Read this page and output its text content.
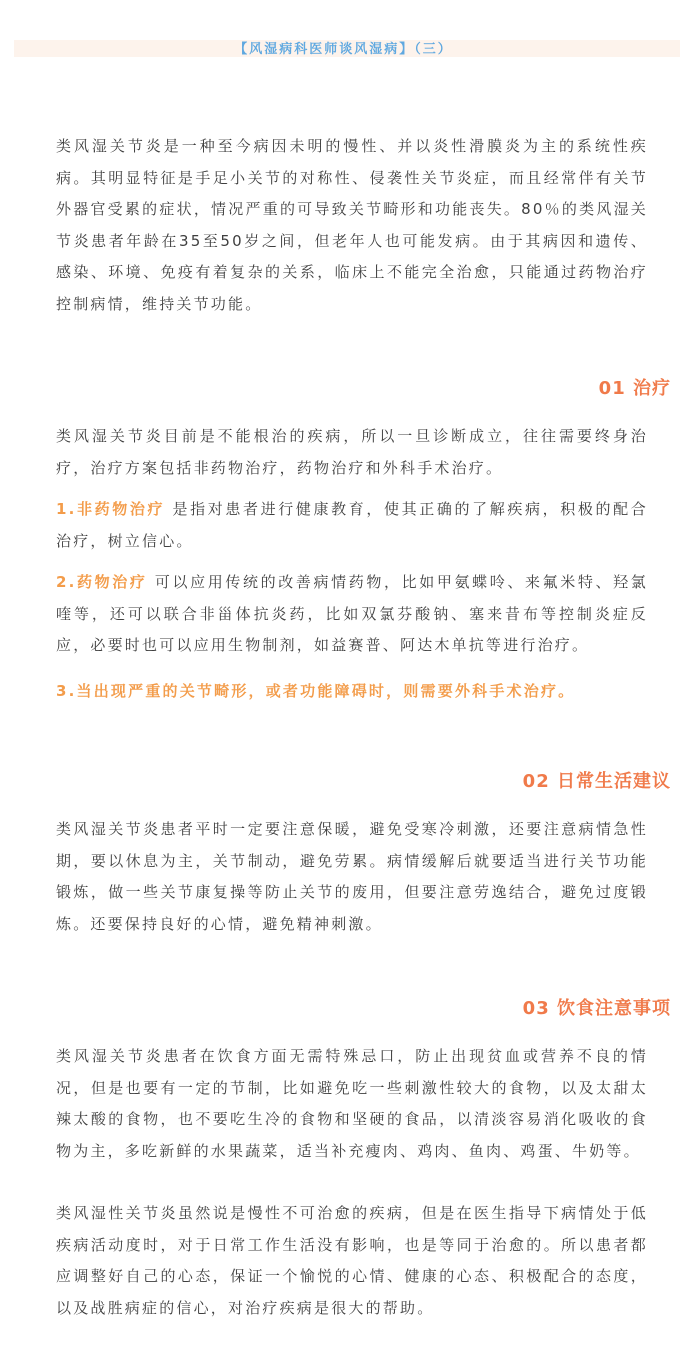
【风湿病科医师谈风湿病】（三）

类风湿关节炎是一种至今病因未明的慢性、并以炎性滑膜炎为主的系统性疾病。其明显特征是手足小关节的对称性、侵袭性关节炎症，而且经常伴有关节外器官受累的症状，情况严重的可导致关节畸形和功能丧失。80％的类风湿关节炎患者年龄在35至50岁之间，但老年人也可能发病。由于其病因和遗传、感染、环境、免疫有着复杂的关系，临床上不能完全治愈，只能通过药物治疗控制病情，维持关节功能。

01 治疗

类风湿关节炎目前是不能根治的疾病，所以一旦诊断成立，往往需要终身治疗，治疗方案包括非药物治疗，药物治疗和外科手术治疗。

1.非药物治疗 是指对患者进行健康教育，使其正确的了解疾病，积极的配合治疗，树立信心。

2.药物治疗 可以应用传统的改善病情药物，比如甲氨蝶呤、来氟米特、羟氯喹等，还可以联合非甾体抗炎药，比如双氯芬酸钠、塞来昔布等控制炎症反应，必要时也可以应用生物制剂，如益赛普、阿达木单抗等进行治疗。

3.当出现严重的关节畸形，或者功能障碍时，则需要外科手术治疗。

02 日常生活建议

类风湿关节炎患者平时一定要注意保暖，避免受寒冷刺激，还要注意病情急性期，要以休息为主，关节制动，避免劳累。病情缓解后就要适当进行关节功能锻炼，做一些关节康复操等防止关节的废用，但要注意劳逸结合，避免过度锻炼。还要保持良好的心情，避免精神刺激。

03 饮食注意事项

类风湿关节炎患者在饮食方面无需特殊忌口，防止出现贫血或营养不良的情况，但是也要有一定的节制，比如避免吃一些刺激性较大的食物，以及太甜太辣太酸的食物，也不要吃生冷的食物和坚硬的食品，以清淡容易消化吸收的食物为主，多吃新鲜的水果蔬菜，适当补充瘦肉、鸡肉、鱼肉、鸡蛋、牛奶等。

类风湿性关节炎虽然说是慢性不可治愈的疾病，但是在医生指导下病情处于低疾病活动度时，对于日常工作生活没有影响，也是等同于治愈的。所以患者都应调整好自己的心态，保证一个愉悦的心情、健康的心态、积极配合的态度，以及战胜病症的信心，对治疗疾病是很大的帮助。
